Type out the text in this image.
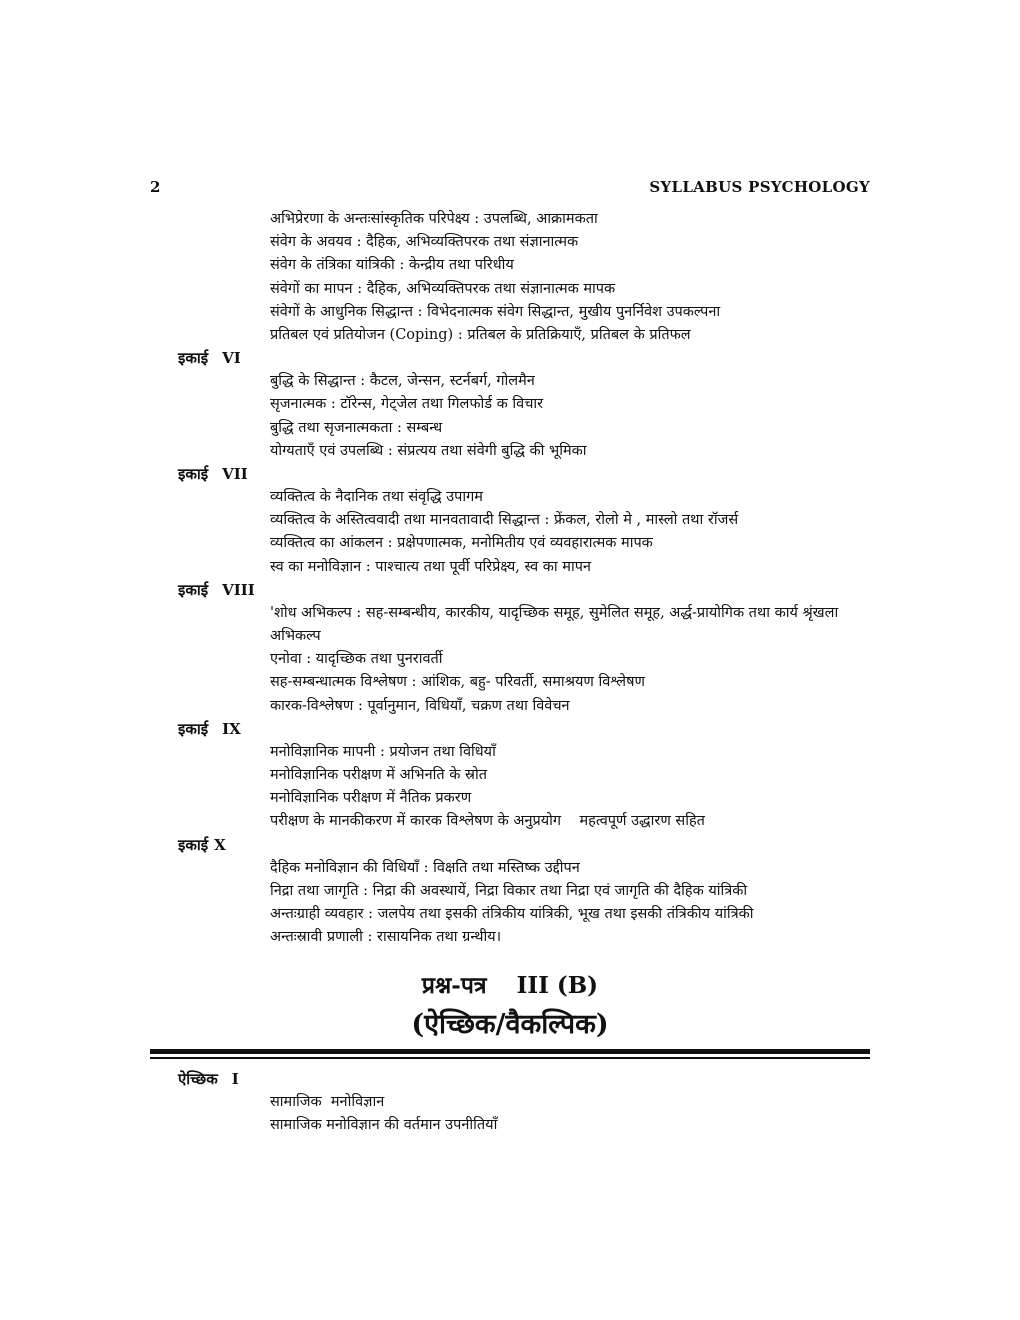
2	SYLLABUS PSYCHOLOGY
अभिप्रेरणा के अन्तःसांस्कृतिक परिपेक्ष्य : उपलब्धि, आक्रामकता
संवेग के अवयव : दैहिक, अभिव्यक्तिपरक तथा संज्ञानात्मक
संवेग के तंत्रिका यांत्रिकी : केन्द्रीय तथा परिधीय
संवेगों का मापन : दैहिक, अभिव्यक्तिपरक तथा संज्ञानात्मक मापक
संवेगों के आधुनिक सिद्धान्त : विभेदनात्मक संवेग सिद्धान्त, मुखीय पुनर्निवेश उपकल्पना
प्रतिबल एवं प्रतियोजन (Coping) : प्रतिबल के प्रतिक्रियाएँ, प्रतिबल के प्रतिफल
इकाई VI
बुद्धि के सिद्धान्त : कैटल, जेन्सन, स्टर्नबर्ग, गोलमैन
सृजनात्मक : टॉरेन्स, गेट्जेल तथा गिलफोर्ड क विचार
बुद्धि तथा सृजनात्मकता : सम्बन्ध
योग्यताएँ एवं उपलब्धि : संप्रत्यय तथा संवेगी बुद्धि की भूमिका
इकाई VII
व्यक्तित्व के नैदानिक तथा संवृद्धि उपागम
व्यक्तित्व के अस्तित्ववादी तथा मानवतावादी सिद्धान्त : फ्रेंकल, रोलो मे , मास्लो तथा रॉजर्स
व्यक्तित्व का आंकलन : प्रक्षेपणात्मक, मनोमितीय एवं व्यवहारात्मक मापक
स्व का मनोविज्ञान : पाश्चात्य तथा पूर्वी परिप्रेक्ष्य, स्व का मापन
इकाई VIII
'शोध अभिकल्प : सह-सम्बन्धीय, कारकीय, यादृच्छिक समूह, सुमेलित समूह, अर्द्ध-प्रायोगिक तथा कार्य श्रृंखला
अभिकल्प
एनोवा : यादृच्छिक तथा पुनरावर्ती
सह-सम्बन्धात्मक विश्लेषण : आंशिक, बहु- परिवर्ती, समाश्रयण विश्लेषण
कारक-विश्लेषण : पूर्वानुमान, विधियाँ, चक्रण तथा विवेचन
इकाई IX
मनोविज्ञानिक मापनी : प्रयोजन तथा विधियाँ
मनोविज्ञानिक परीक्षण में अभिनति के स्रोत
मनोविज्ञानिक परीक्षण में नैतिक प्रकरण
परीक्षण के मानकीकरण में कारक विश्लेषण के अनुप्रयोग    महत्वपूर्ण उद्धारण सहित
इकाई X
दैहिक मनोविज्ञान की विधियाँ : विक्षति तथा मस्तिष्क उद्दीपन
निद्रा तथा जागृति : निद्रा की अवस्थायें, निद्रा विकार तथा निद्रा एवं जागृति की दैहिक यांत्रिकी
अन्तःग्राही व्यवहार : जलपेय तथा इसकी तंत्रिकीय यांत्रिकी, भूख तथा इसकी तंत्रिकीय यांत्रिकी
अन्तःस्रावी प्रणाली : रासायनिक तथा ग्रन्थीय।
प्रश्न-पत्र III (B)
(ऐच्छिक/वैकल्पिक)
ऐच्छिक I
सामाजिक  मनोविज्ञान
सामाजिक मनोविज्ञान की वर्तमान उपनीतियाँ
